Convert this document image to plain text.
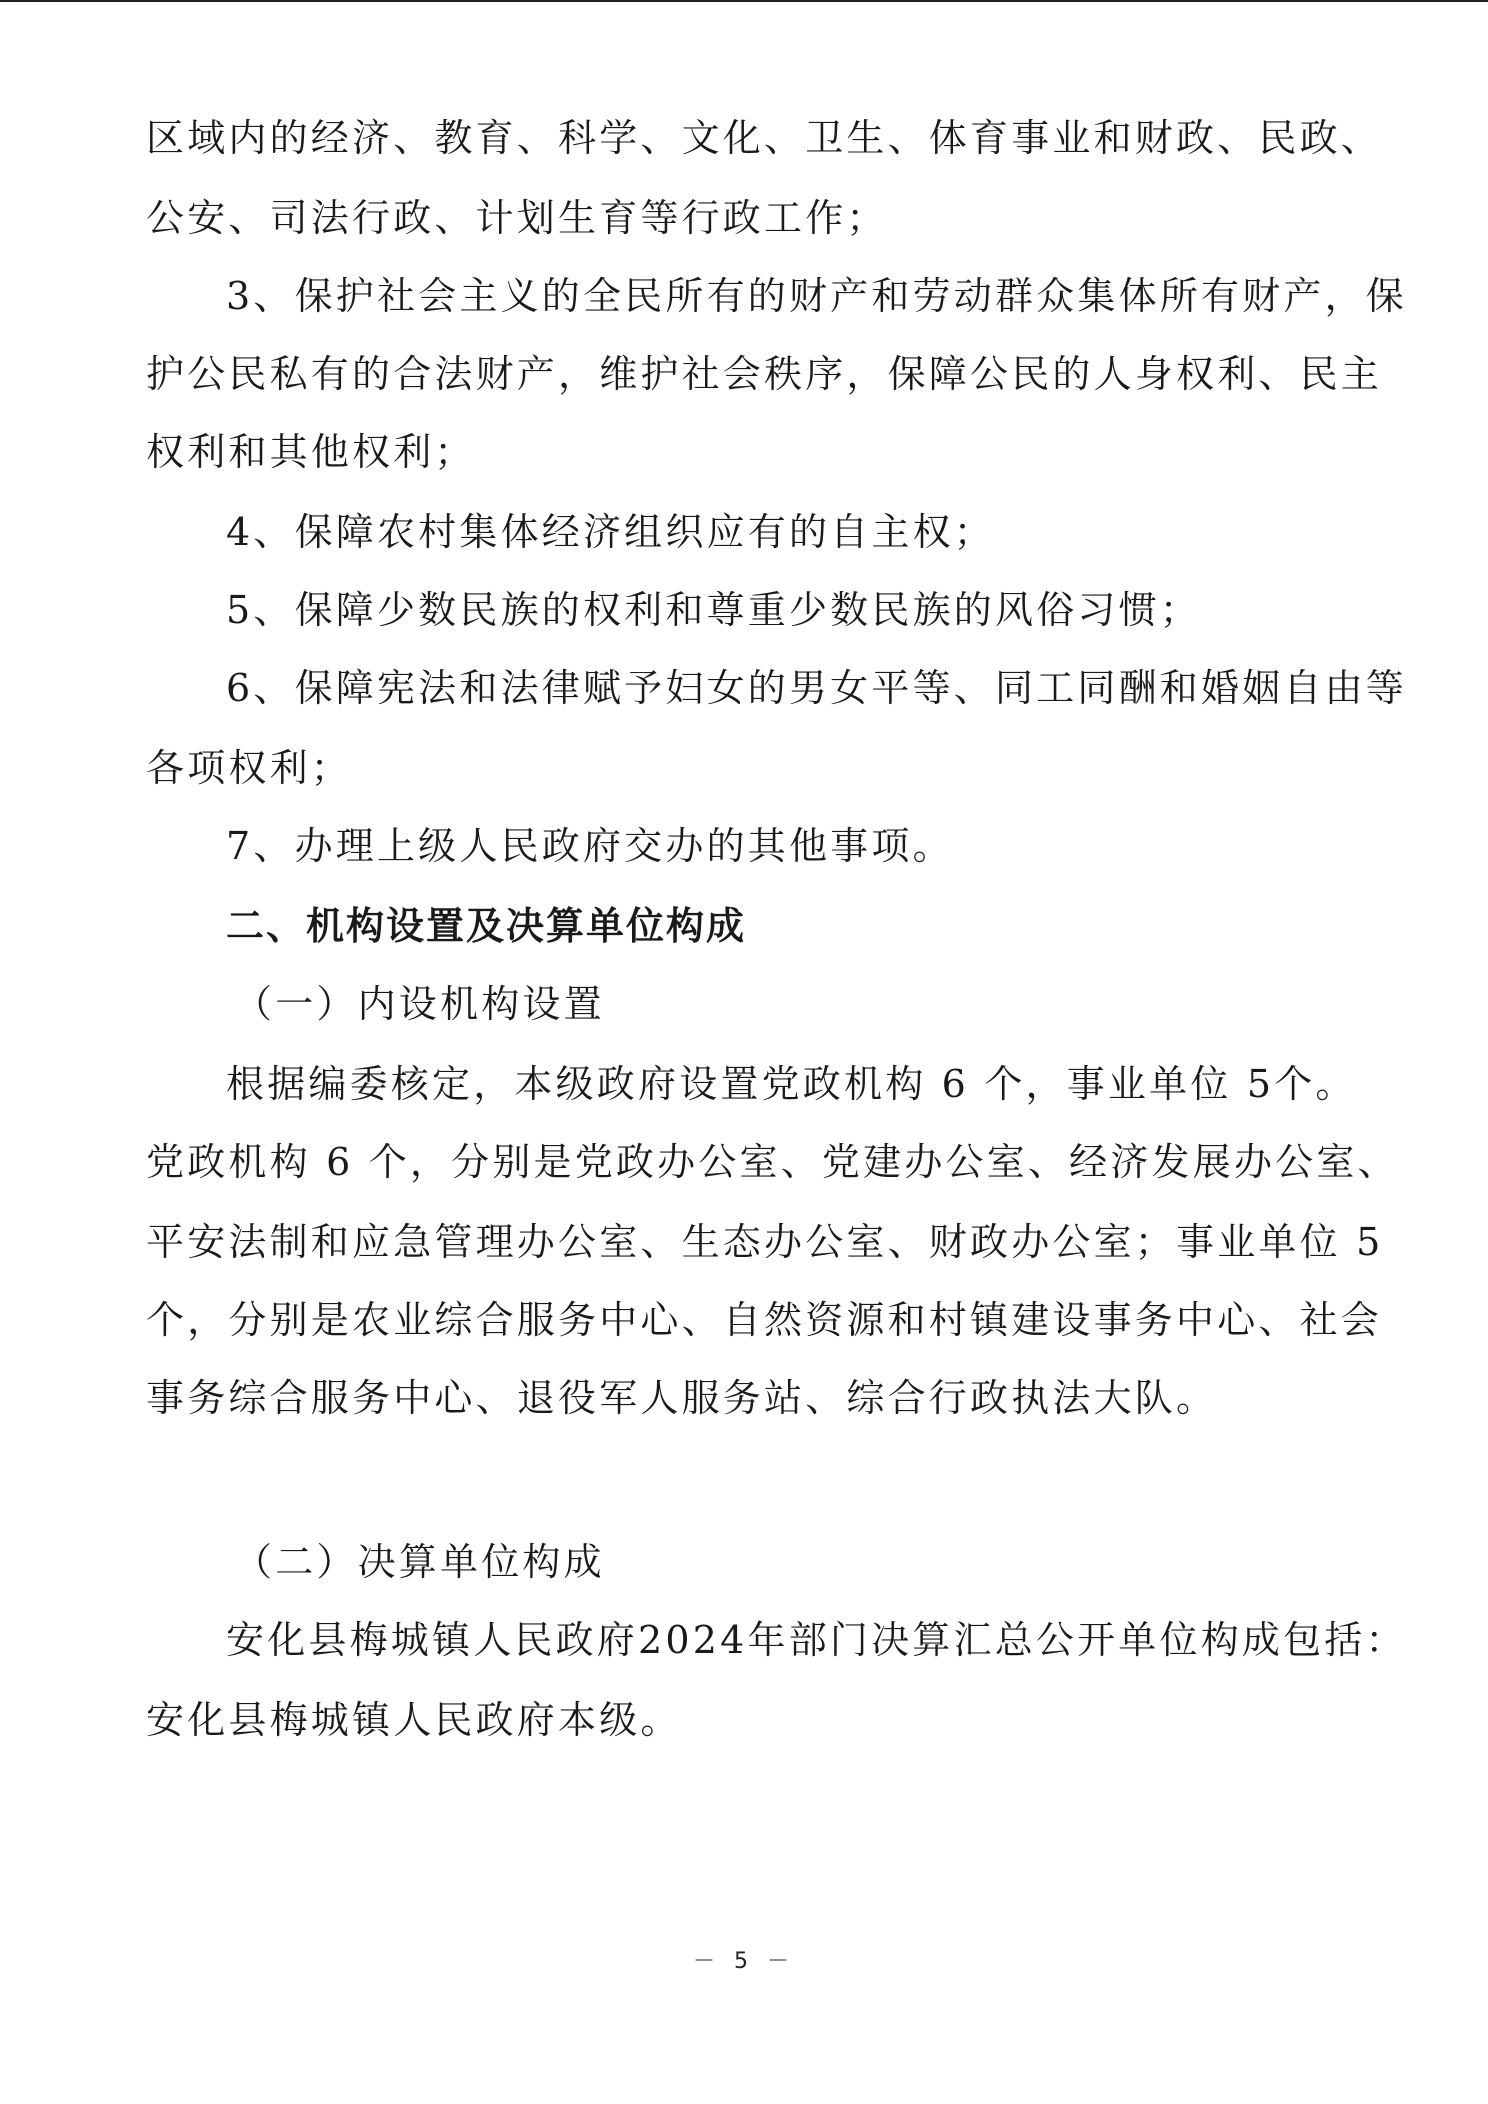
区域内的经济、教育、科学、文化、卫生、体育事业和财政、民政、
公安、司法行政、计划生育等行政工作；
3、保护社会主义的全民所有的财产和劳动群众集体所有财产，保
护公民私有的合法财产，维护社会秩序，保障公民的人身权利、民主
权利和其他权利；
4、保障农村集体经济组织应有的自主权；
5、保障少数民族的权利和尊重少数民族的风俗习惯；
6、保障宪法和法律赋予妇女的男女平等、同工同酬和婚姻自由等
各项权利；
7、办理上级人民政府交办的其他事项。
二、机构设置及决算单位构成
（一）内设机构设置
根据编委核定，本级政府设置党政机构 6 个，事业单位 5个。
党政机构 6 个，分别是党政办公室、党建办公室、经济发展办公室、
平安法制和应急管理办公室、生态办公室、财政办公室；事业单位 5
个，分别是农业综合服务中心、自然资源和村镇建设事务中心、社会
事务综合服务中心、退役军人服务站、综合行政执法大队。
（二）决算单位构成
安化县梅城镇人民政府2024年部门决算汇总公开单位构成包括：
安化县梅城镇人民政府本级。
－ 5 －
